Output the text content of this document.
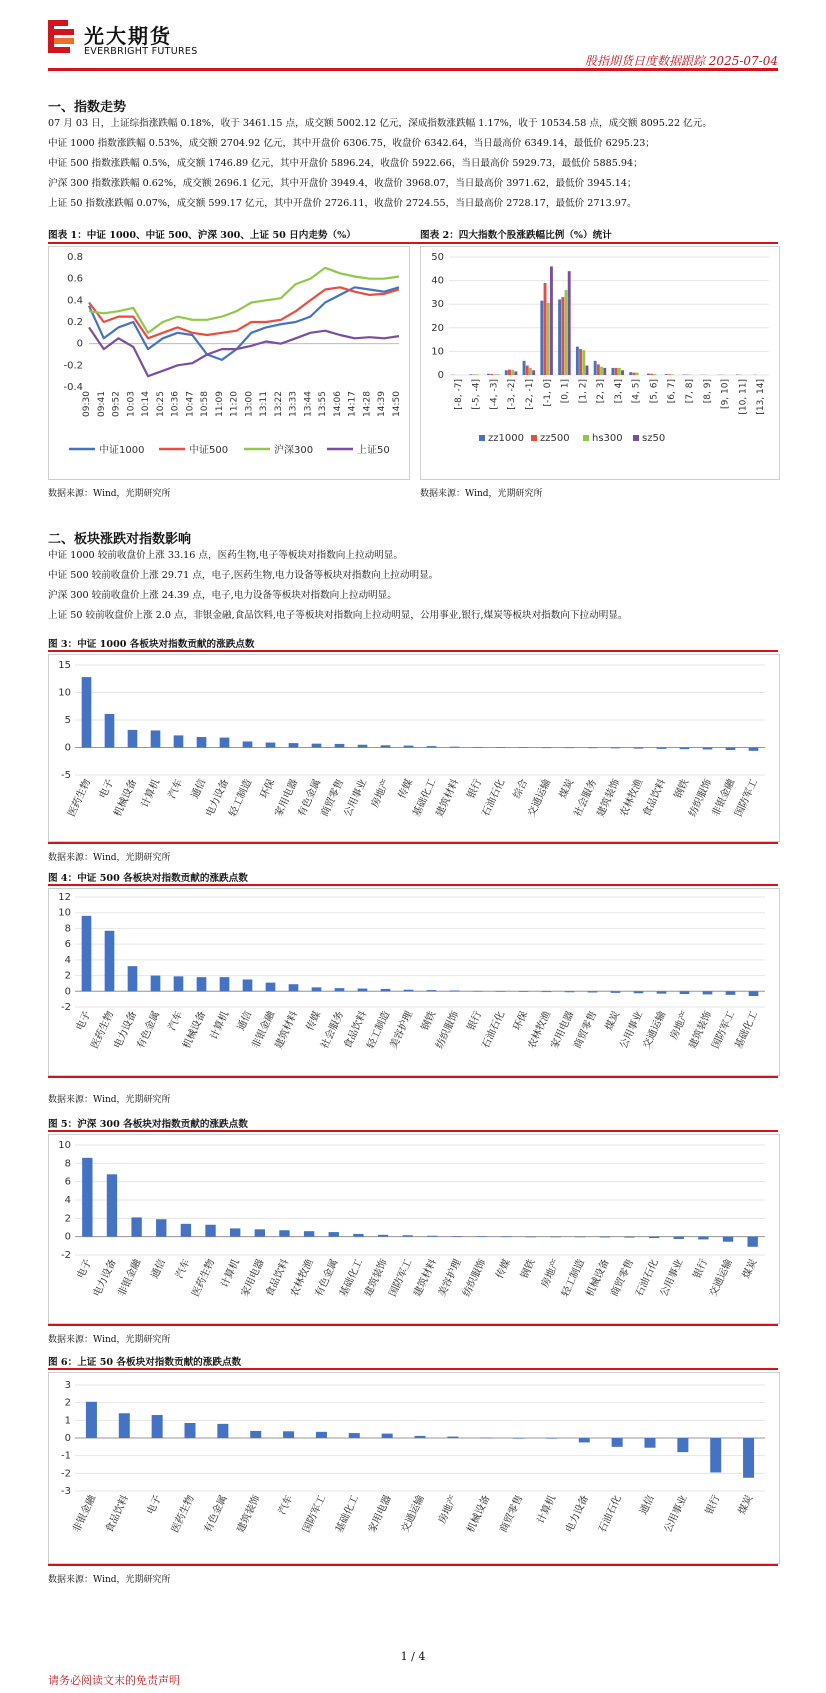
光大期货
EVERBRIGHT FUTURES
股指期货日度数据跟踪 2025-07-04
一、指数走势
07 月 03 日，上证综指涨跌幅 0.18%，收于 3461.15 点，成交额 5002.12 亿元，深成指数涨跌幅 1.17%，收于 10534.58 点，成交额 8095.22 亿元。
中证 1000 指数涨跌幅 0.53%，成交额 2704.92 亿元，其中开盘价 6306.75，收盘价 6342.64，当日最高价 6349.14，最低价 6295.23；
中证 500 指数涨跌幅 0.5%，成交额 1746.89 亿元，其中开盘价 5896.24，收盘价 5922.66，当日最高价 5929.73，最低价 5885.94；
沪深 300 指数涨跌幅 0.62%，成交额 2696.1 亿元，其中开盘价 3949.4，收盘价 3968.07，当日最高价 3971.62，最低价 3945.14；
上证 50 指数涨跌幅 0.07%，成交额 599.17 亿元，其中开盘价 2726.11，收盘价 2724.55，当日最高价 2728.17，最低价 2713.97。
图表 1：中证 1000、中证 500、沪深 300、上证 50 日内走势（%）	图表 2：四大指数个股涨跌幅比例（%）统计
-0.4
-0.2
0
0.2
0.4
0.6
0.8
09:30 09:41 09:52 10:03 10:14 10:25 10:36 10:47 10:58 11:09 11:20 13:00 13:11 13:22 13:33 13:44 13:55 14:06 14:17 14:28 14:39 14:50
中证1000	中证500	沪深300	上证50
0
10
20
30
40
50
[-8, -7] [-5, -4] [-4, -3] [-3, -2] [-2, -1] [-1, 0] [0, 1] [1, 2] [2, 3] [3, 4] [4, 5] [5, 6] [6, 7] [7, 8] [8, 9] [9, 10] [10, 11] [13, 14]
zz1000 zz500 hs300 sz50
数据来源：Wind，光期研究所	数据来源：Wind，光期研究所
二、板块涨跌对指数影响
中证 1000 较前收盘价上涨 33.16 点，医药生物,电子等板块对指数向上拉动明显。
中证 500 较前收盘价上涨 29.71 点，电子,医药生物,电力设备等板块对指数向上拉动明显。
沪深 300 较前收盘价上涨 24.39 点，电子,电力设备等板块对指数向上拉动明显。
上证 50 较前收盘价上涨 2.0 点，非银金融,食品饮料,电子等板块对指数向上拉动明显，公用事业,银行,煤炭等板块对指数向下拉动明显。
图 3：中证 1000 各板块对指数贡献的涨跌点数
-5
0
5
10
15
医药生物 电子
机械设备 计算机 汽车 通信
电力设备
轻工制造 环保
家用电器
有色金属
商贸零售
公用事业 房地产 传媒
基础化工
建筑材料 银行
石油石化 综合
交通运输 煤炭
社会服务
建筑装饰
农林牧渔
食品饮料 钢铁
纺织服饰
非银金融
国防军工
数据来源：Wind，光期研究所
图 4：中证 500 各板块对指数贡献的涨跌点数
-2
0
2
4
6
8
10
12
电子
医药生物
电力设备
有色金属 汽车
机械设备 计算机 通信
非银金融
建筑材料 传媒
社会服务
食品饮料
轻工制造
美容护理 钢铁
纺织服饰 银行
石油石化 环保
农林牧渔
家用电器
商贸零售 煤炭
公用事业
交通运输 房地产
建筑装饰
国防军工
基础化工
数据来源：Wind，光期研究所
图 5：沪深 300 各板块对指数贡献的涨跌点数
-2
0
2
4
6
8
10
电子
电力设备
非银金融 通信 汽车
医药生物 计算机
家用电器
食品饮料
农林牧渔
有色金属
基础化工
建筑装饰
国防军工
建筑材料
美容护理
纺织服饰 传媒 钢铁 房地产
轻工制造
机械设备
商贸零售
石油石化
公用事业 银行
交通运输 煤炭
数据来源：Wind，光期研究所
图 6：上证 50 各板块对指数贡献的涨跌点数
-3
-2
-1
0
1
2
3
非银金融 食品饮料 电子 医药生物 有色金属 建筑装饰 汽车 国防军工 基础化工 家用电器 交通运输 房地产 机械设备 商贸零售 计算机 电力设备 石油石化 通信 公用事业 银行 煤炭
数据来源：Wind，光期研究所
1 / 4
请务必阅读文末的免责声明
